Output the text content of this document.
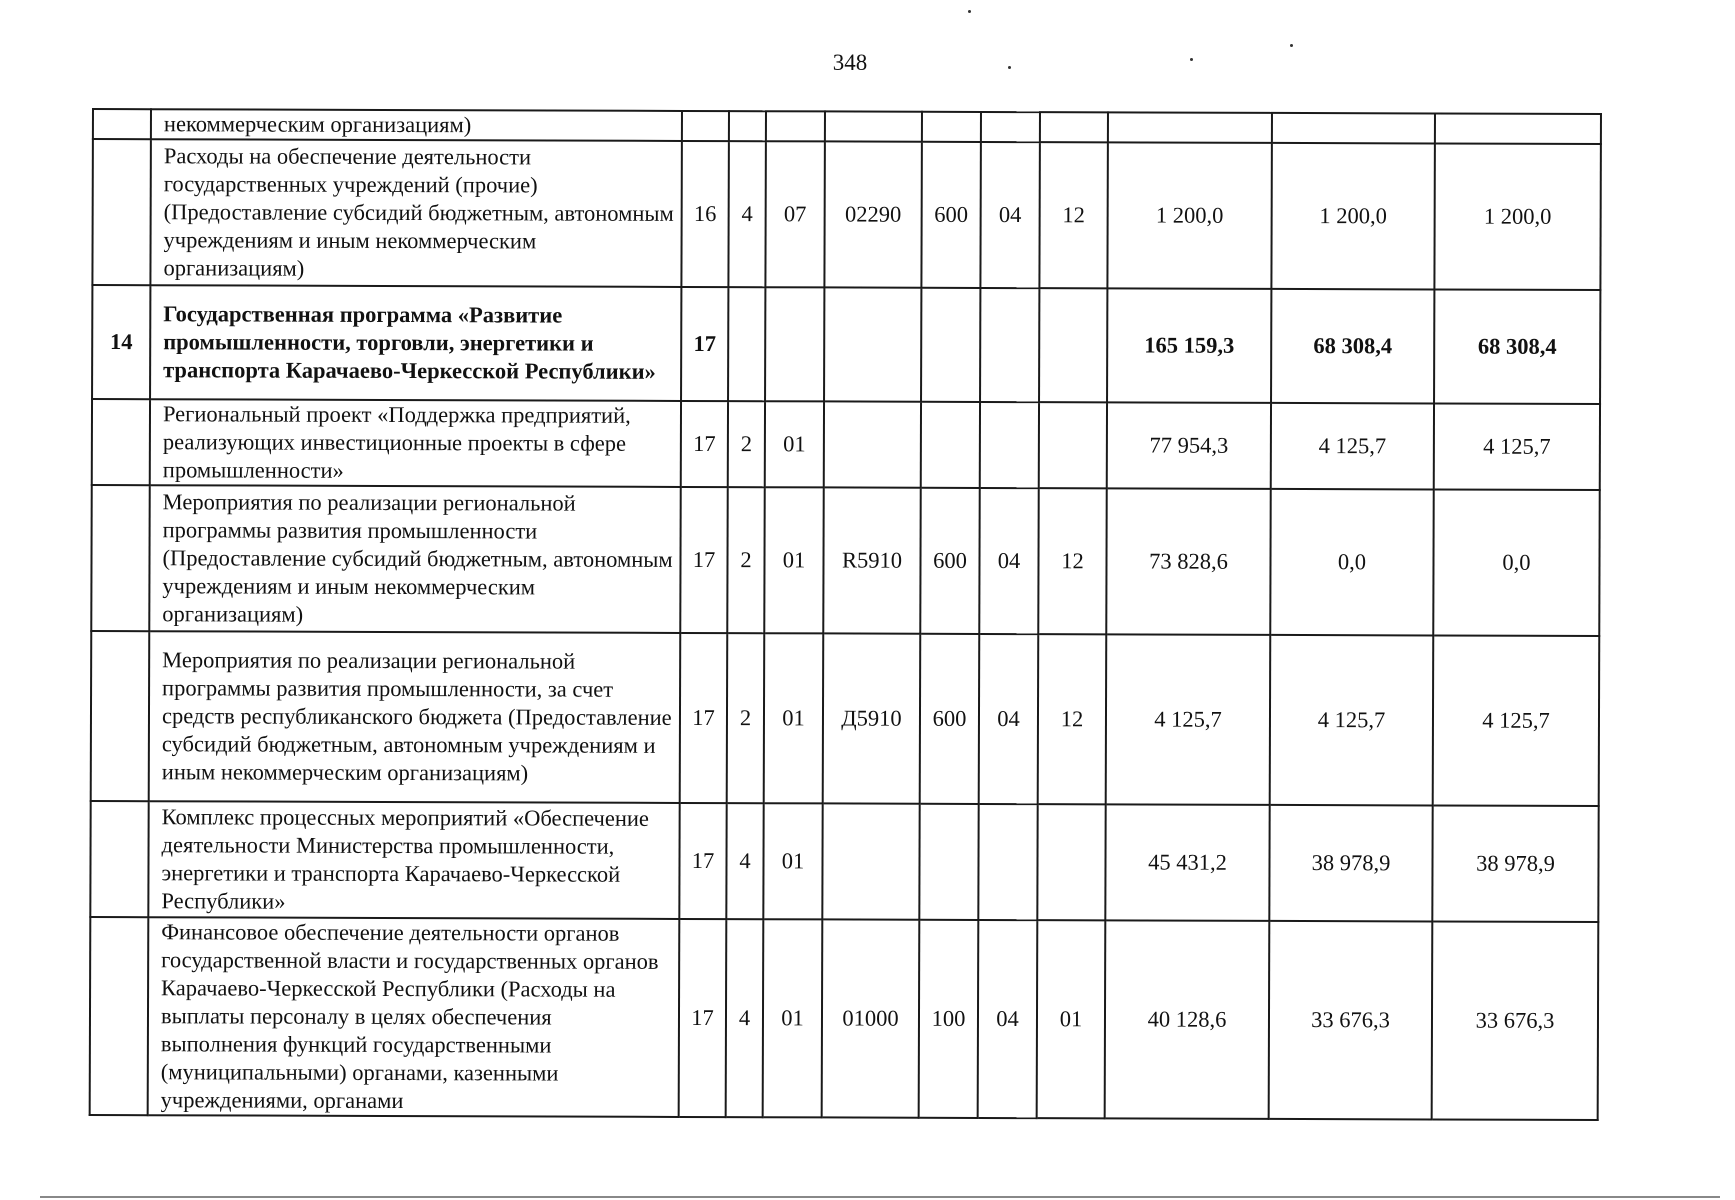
348
	некоммерческим организациям)										
	Расходы на обеспечение деятельности государственных учреждений (прочие) (Предоставление субсидий бюджетным, автономным учреждениям и иным некоммерческим организациям)	16	4	07	02290	600	04	12	1 200,0	1 200,0	1 200,0
14	Государственная программа «Развитие промышленности, торговли, энергетики и транспорта Карачаево-Черкесской Республики»	17							165 159,3	68 308,4	68 308,4
	Региональный проект «Поддержка предприятий, реализующих инвестиционные проекты в сфере промышленности»	17	2	01					77 954,3	4 125,7	4 125,7
	Мероприятия по реализации региональной программы развития промышленности (Предоставление субсидий бюджетным, автономным учреждениям и иным некоммерческим организациям)	17	2	01	R5910	600	04	12	73 828,6	0,0	0,0
	Мероприятия по реализации региональной программы развития промышленности, за счет средств республиканского бюджета (Предоставление субсидий бюджетным, автономным учреждениям и иным некоммерческим организациям)	17	2	01	Д5910	600	04	12	4 125,7	4 125,7	4 125,7
	Комплекс процессных мероприятий «Обеспечение деятельности Министерства промышленности, энергетики и транспорта Карачаево-Черкесской Республики»	17	4	01					45 431,2	38 978,9	38 978,9
	Финансовое обеспечение деятельности органов государственной власти и государственных органов Карачаево-Черкесской Республики (Расходы на выплаты персоналу в целях обеспечения выполнения функций государственными (муниципальными) органами, казенными учреждениями, органами	17	4	01	01000	100	04	01	40 128,6	33 676,3	33 676,3
